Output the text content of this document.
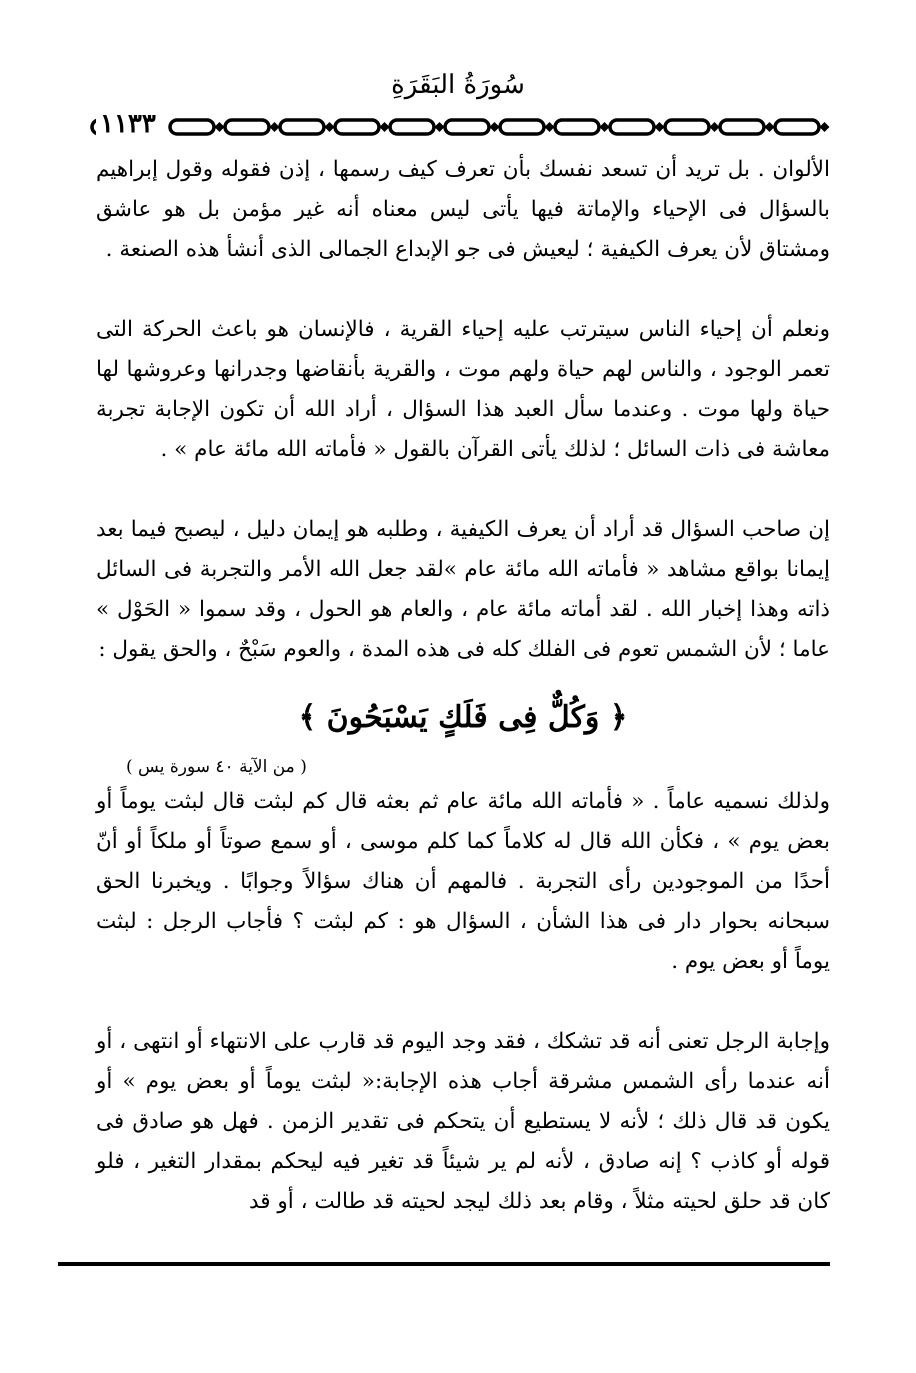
سُورَةُ البَقَرَةِ
١١٣٣

الألوان . بل تريد أن تسعد نفسك بأن تعرف كيف رسمها ، إذن فقوله وقول إبراهيم بالسؤال فى الإحياء والإماتة فيها يأتى ليس معناه أنه غير مؤمن بل هو عاشق ومشتاق لأن يعرف الكيفية ؛ ليعيش فى جو الإبداع الجمالى الذى أنشأ هذه الصنعة .

ونعلم أن إحياء الناس سيترتب عليه إحياء القرية ، فالإنسان هو باعث الحركة التى تعمر الوجود ، والناس لهم حياة ولهم موت ، والقرية بأنقاضها وجدرانها وعروشها لها حياة ولها موت . وعندما سأل العبد هذا السؤال ، أراد الله أن تكون الإجابة تجربة معاشة فى ذات السائل ؛ لذلك يأتى القرآن بالقول « فأماته الله مائة عام » .

إن صاحب السؤال قد أراد أن يعرف الكيفية ، وطلبه هو إيمان دليل ، ليصبح فيما بعد إيمانا بواقع مشاهد « فأماته الله مائة عام »لقد جعل الله الأمر والتجربة فى السائل ذاته وهذا إخبار الله . لقد أماته مائة عام ، والعام هو الحول ، وقد سموا « الحَوْل » عاما ؛ لأن الشمس تعوم فى الفلك كله فى هذه المدة ، والعوم سَبْحٌ ، والحق يقول :

﴿ وَكُلٌّ فِى فَلَكٍ يَسْبَحُونَ ﴾

( من الآية ٤٠ سورة يس )

ولذلك نسميه عاماً . « فأماته الله مائة عام ثم بعثه قال كم لبثت قال لبثت يوماً أو بعض يوم » ، فكأن الله قال له كلاماً كما كلم موسى ، أو سمع صوتاً أو ملكاً أو أنّ أحدًا من الموجودين رأى التجربة . فالمهم أن هناك سؤالاً وجوابًا . ويخبرنا الحق سبحانه بحوار دار فى هذا الشأن ، السؤال هو : كم لبثت ؟ فأجاب الرجل : لبثت يوماً أو بعض يوم .

وإجابة الرجل تعنى أنه قد تشكك ، فقد وجد اليوم قد قارب على الانتهاء أو انتهى ، أو أنه عندما رأى الشمس مشرقة أجاب هذه الإجابة:« لبثت يوماً أو بعض يوم » أو يكون قد قال ذلك ؛ لأنه لا يستطيع أن يتحكم فى تقدير الزمن . فهل هو صادق فى قوله أو كاذب ؟ إنه صادق ، لأنه لم ير شيئاً قد تغير فيه ليحكم بمقدار التغير ، فلو كان قد حلق لحيته مثلاً ، وقام بعد ذلك ليجد لحيته قد طالت ، أو قد
